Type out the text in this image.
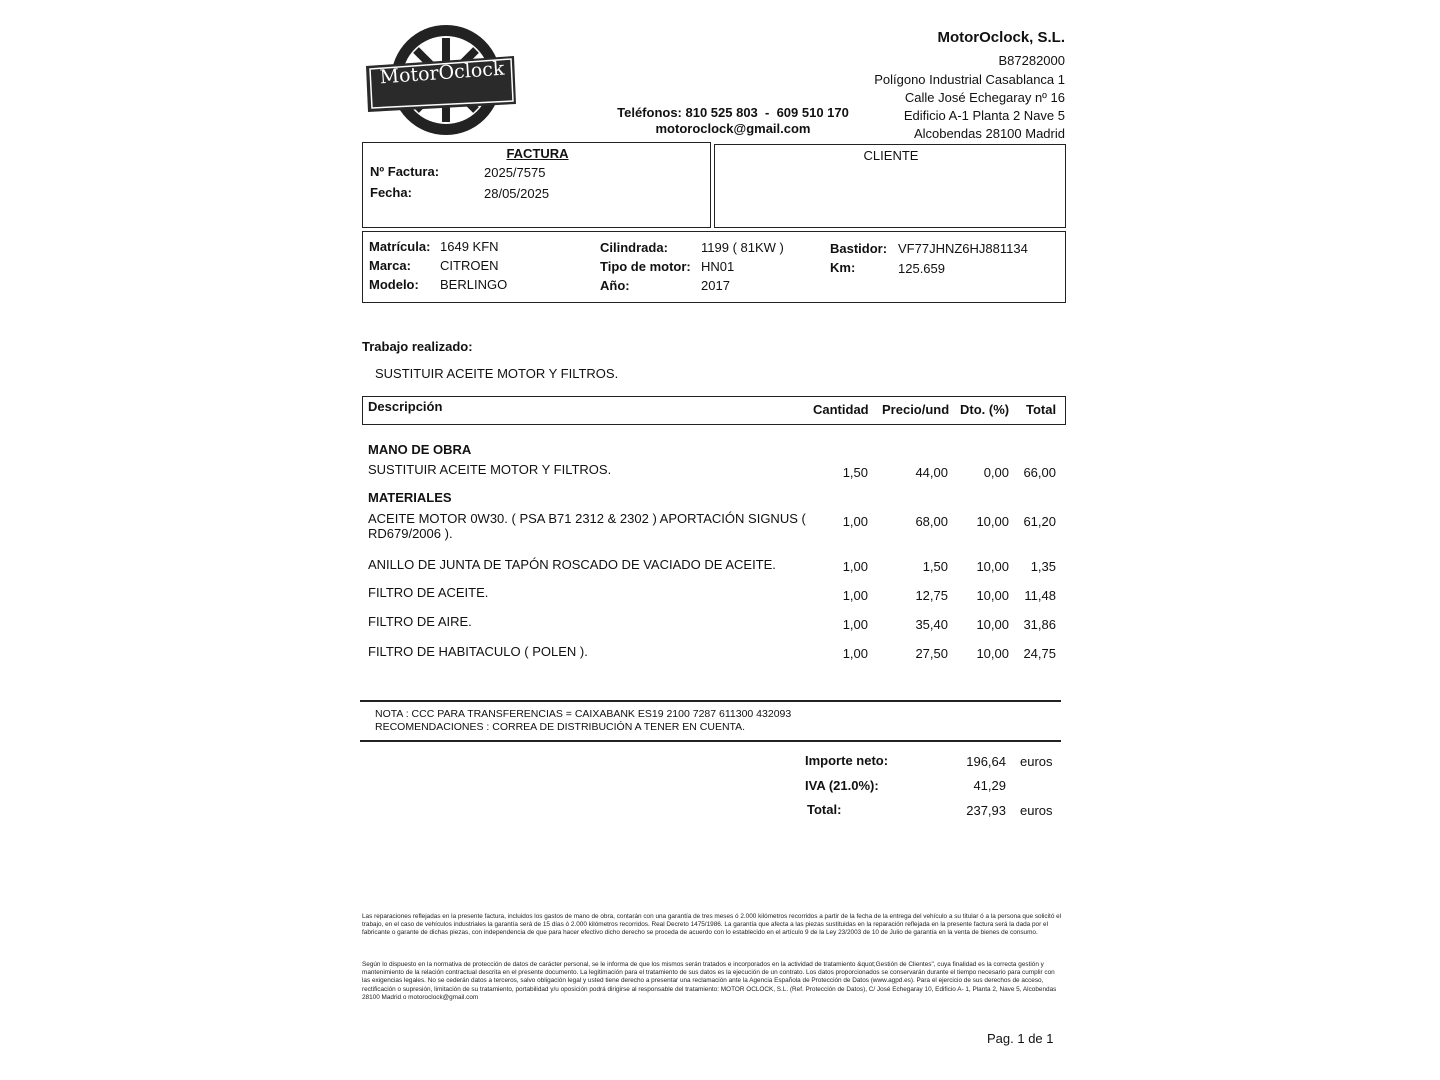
MotorOclock
Teléfonos: 810 525 803  -  609 510 170
motoroclock@gmail.com
MotorOclock, S.L.
B87282000
Polígono Industrial Casablanca 1
Calle José Echegaray nº 16
Edificio A-1 Planta 2 Nave 5
Alcobendas 28100 Madrid
FACTURA
Nº Factura:	2025/7575
Fecha:	28/05/2025
CLIENTE
Matrícula: 1649 KFN
Marca: CITROEN
Modelo: BERLINGO
Cilindrada:	1199 ( 81KW )
Tipo de motor: HN01
Año:	2017
Bastidor: VF77JHNZ6HJ881134
Km:	125.659
Trabajo realizado:
SUSTITUIR ACEITE MOTOR Y FILTROS.
Descripción	Cantidad Precio/und Dto. (%) Total
MANO DE OBRA
SUSTITUIR ACEITE MOTOR Y FILTROS.	1,50	44,00	0,00 66,00
MATERIALES
ACEITE MOTOR 0W30. ( PSA B71 2312 & 2302 ) APORTACIÓN SIGNUS (
RD679/2006 ).
1,00	68,00 10,00 61,20
ANILLO DE JUNTA DE TAPÓN ROSCADO DE VACIADO DE ACEITE.	1,00	1,50 10,00 1,35
FILTRO DE ACEITE.	1,00	12,75 10,00 11,48
FILTRO DE AIRE.	1,00	35,40 10,00 31,86
FILTRO DE HABITACULO ( POLEN ).	1,00	27,50 10,00 24,75
NOTA : CCC PARA TRANSFERENCIAS = CAIXABANK ES19 2100 7287 611300 432093
RECOMENDACIONES : CORREA DE DISTRIBUCIÓN A TENER EN CUENTA.
Importe neto:	196,64 euros
IVA (21.0%):	41,29
Total:	237,93 euros
Las reparaciones reflejadas en la presente factura, incluidos los gastos de mano de obra, contarán con una garantía de tres meses ó 2.000 kilómetros recorridos a partir de la fecha de la entrega del vehículo a su titular ó a la persona que solicitó el trabajo, en el caso de vehículos industriales la garantía será de 15 días ó 2.000 kilómetros recorridos. Real Decreto 1475/1986. La garantía que afecta a las piezas sustituidas en la reparación reflejada en la presente factura será la dada por el fabricante o garante de dichas piezas, con independencia de que para hacer efectivo dicho derecho se proceda de acuerdo con lo establecido en el artículo 9 de la Ley 23/2003 de 10 de Julio de garantía en la venta de bienes de consumo.
Según lo dispuesto en la normativa de protección de datos de carácter personal, se le informa de que los mismos serán tratados e incorporados en la actividad de tratamiento &quot;Gestión de Clientes", cuya finalidad es la correcta gestión y mantenimiento de la relación contractual descrita en el presente documento. La legitimación para el tratamiento de sus datos es la ejecución de un contrato. Los datos proporcionados se conservarán durante el tiempo necesario para cumplir con las exigencias legales. No se cederán datos a terceros, salvo obligación legal y usted tiene derecho a presentar una reclamación ante la Agencia Española de Protección de Datos (www.agpd.es). Para el ejercicio de sus derechos de acceso, rectificación o supresión, limitación de su tratamiento, portabilidad y/u oposición podrá dirigirse al responsable del tratamiento: MOTOR OCLOCK, S.L. (Ref. Protección de Datos), C/ José Echegaray 10, Edificio A- 1, Planta 2, Nave 5, Alcobendas 28100 Madrid o motoroclock@gmail.com
Pag. 1 de 1
